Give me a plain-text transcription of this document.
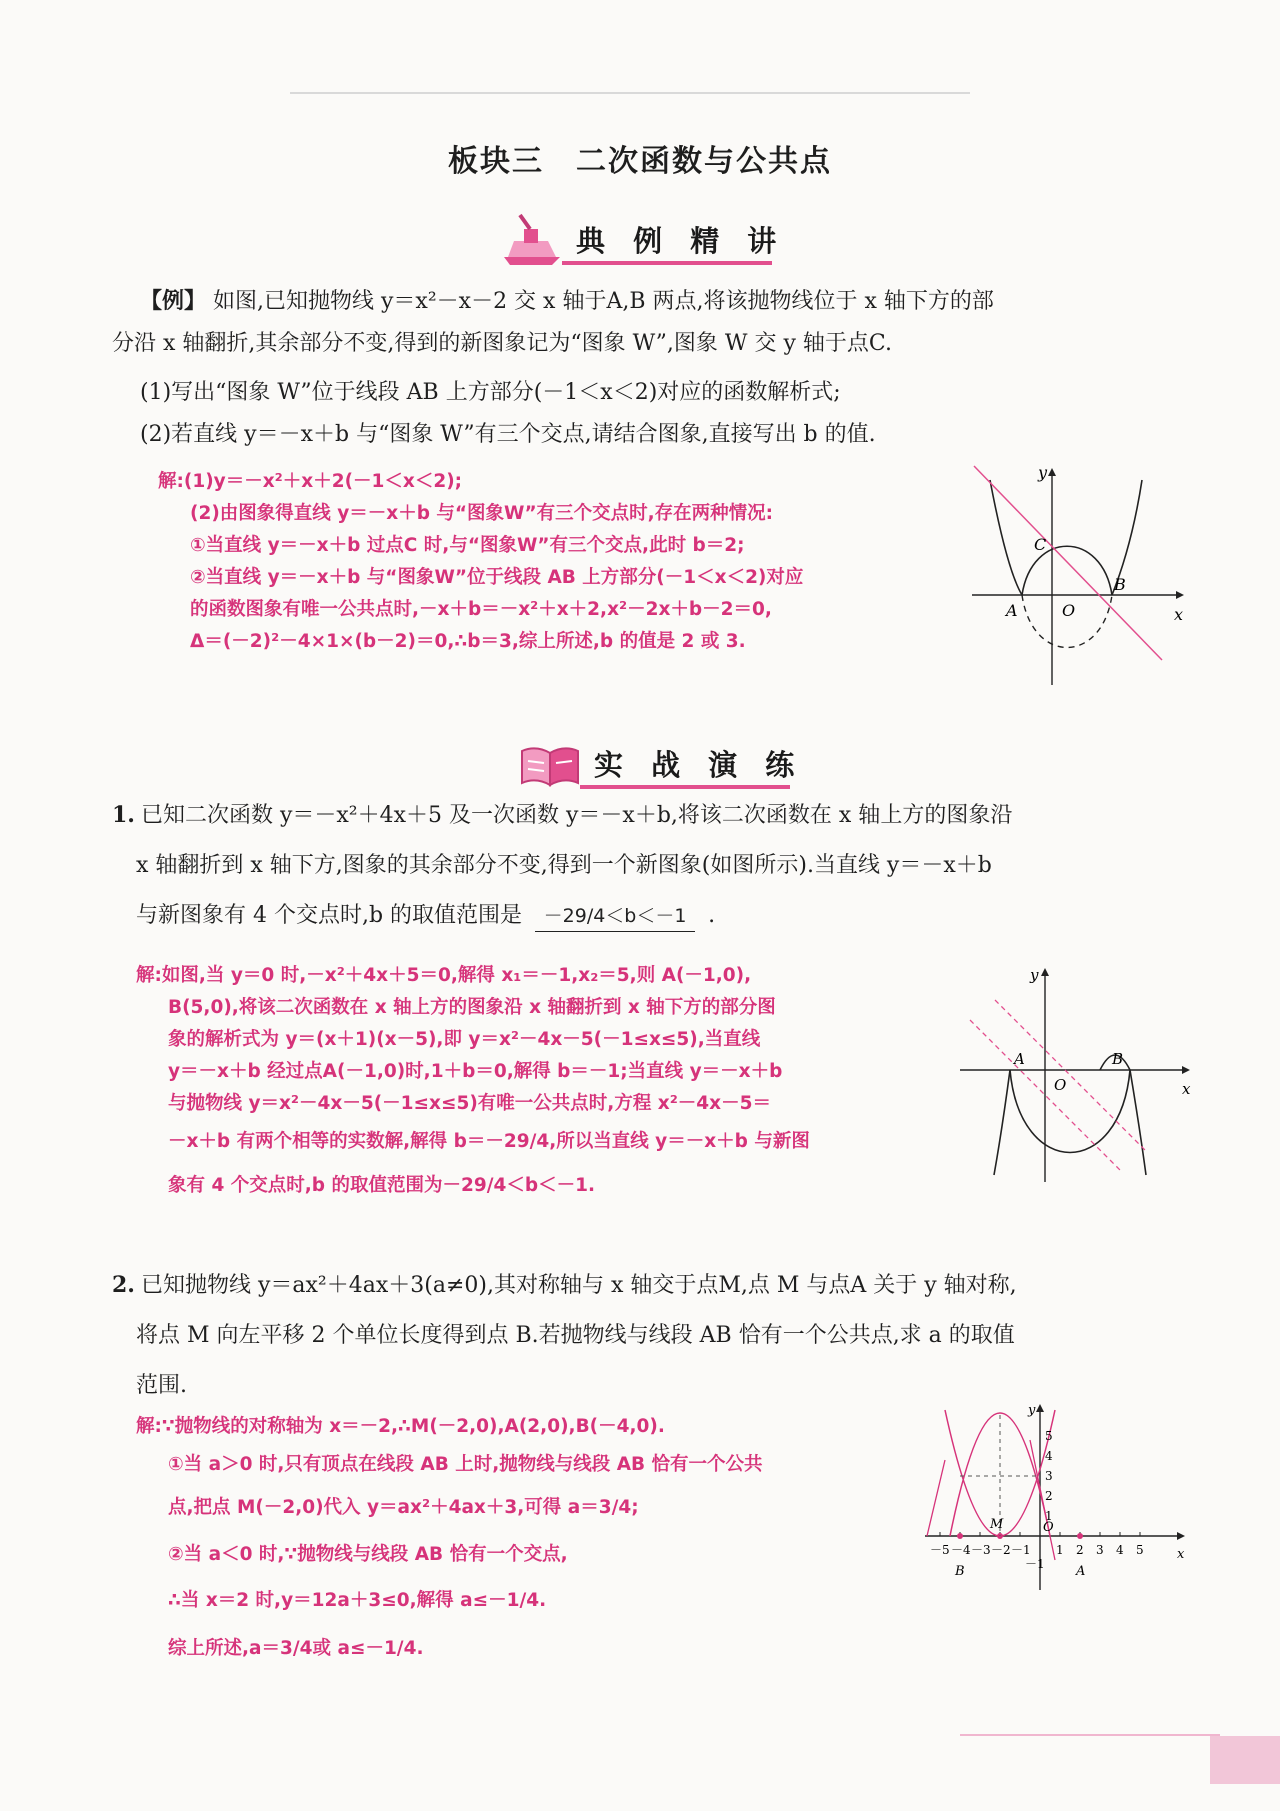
板块三　二次函数与公共点
典 例 精 讲
【例】 如图,已知抛物线 y＝x²－x－2 交 x 轴于A,B 两点,将该抛物线位于 x 轴下方的部
分沿 x 轴翻折,其余部分不变,得到的新图象记为“图象 W”,图象 W 交 y 轴于点C.
(1)写出“图象 W”位于线段 AB 上方部分(－1＜x＜2)对应的函数解析式;
(2)若直线 y＝－x＋b 与“图象 W”有三个交点,请结合图象,直接写出 b 的值.
解:(1)y＝－x²＋x＋2(－1＜x＜2);
(2)由图象得直线 y＝－x＋b 与“图象W”有三个交点时,存在两种情况:
①当直线 y＝－x＋b 过点C 时,与“图象W”有三个交点,此时 b＝2;
②当直线 y＝－x＋b 与“图象W”位于线段 AB 上方部分(－1＜x＜2)对应
的函数图象有唯一公共点时,－x＋b＝－x²＋x＋2,x²－2x＋b－2＝0,
Δ＝(－2)²－4×1×(b－2)＝0,∴b＝3,综上所述,b 的值是 2 或 3.
y
x
A	O
B
C
实 战 演 练
1. 已知二次函数 y＝－x²＋4x＋5 及一次函数 y＝－x＋b,将该二次函数在 x 轴上方的图象沿
x 轴翻折到 x 轴下方,图象的其余部分不变,得到一个新图象(如图所示).当直线 y＝－x＋b
与新图象有 4 个交点时,b 的取值范围是 －29/4＜b＜－1 .
解:如图,当 y＝0 时,－x²＋4x＋5＝0,解得 x₁＝－1,x₂＝5,则 A(－1,0),
B(5,0),将该二次函数在 x 轴上方的图象沿 x 轴翻折到 x 轴下方的部分图
象的解析式为 y＝(x＋1)(x－5),即 y＝x²－4x－5(－1≤x≤5),当直线
y＝－x＋b 经过点A(－1,0)时,1＋b＝0,解得 b＝－1;当直线 y＝－x＋b
与抛物线 y＝x²－4x－5(－1≤x≤5)有唯一公共点时,方程 x²－4x－5＝
－x＋b 有两个相等的实数解,解得 b＝－29/4,所以当直线 y＝－x＋b 与新图
象有 4 个交点时,b 的取值范围为－29/4＜b＜－1.
y
x
A
O
B
2. 已知抛物线 y＝ax²＋4ax＋3(a≠0),其对称轴与 x 轴交于点M,点 M 与点A 关于 y 轴对称,
将点 M 向左平移 2 个单位长度得到点 B.若抛物线与线段 AB 恰有一个公共点,求 a 的取值
范围.
解:∵抛物线的对称轴为 x＝－2,∴M(－2,0),A(2,0),B(－4,0).
①当 a＞0 时,只有顶点在线段 AB 上时,抛物线与线段 AB 恰有一个公共
点,把点 M(－2,0)代入 y＝ax²＋4ax＋3,可得 a＝3/4;
②当 a＜0 时,∵抛物线与线段 AB 恰有一个交点,
∴当 x＝2 时,y＝12a＋3≤0,解得 a≤－1/4.
综上所述,a＝3/4或 a≤－1/4.
y
x
O
M
A
B
－5 －4 －3 －2 －1 1 2 3 4 5
1
2
3
4
5
－1
